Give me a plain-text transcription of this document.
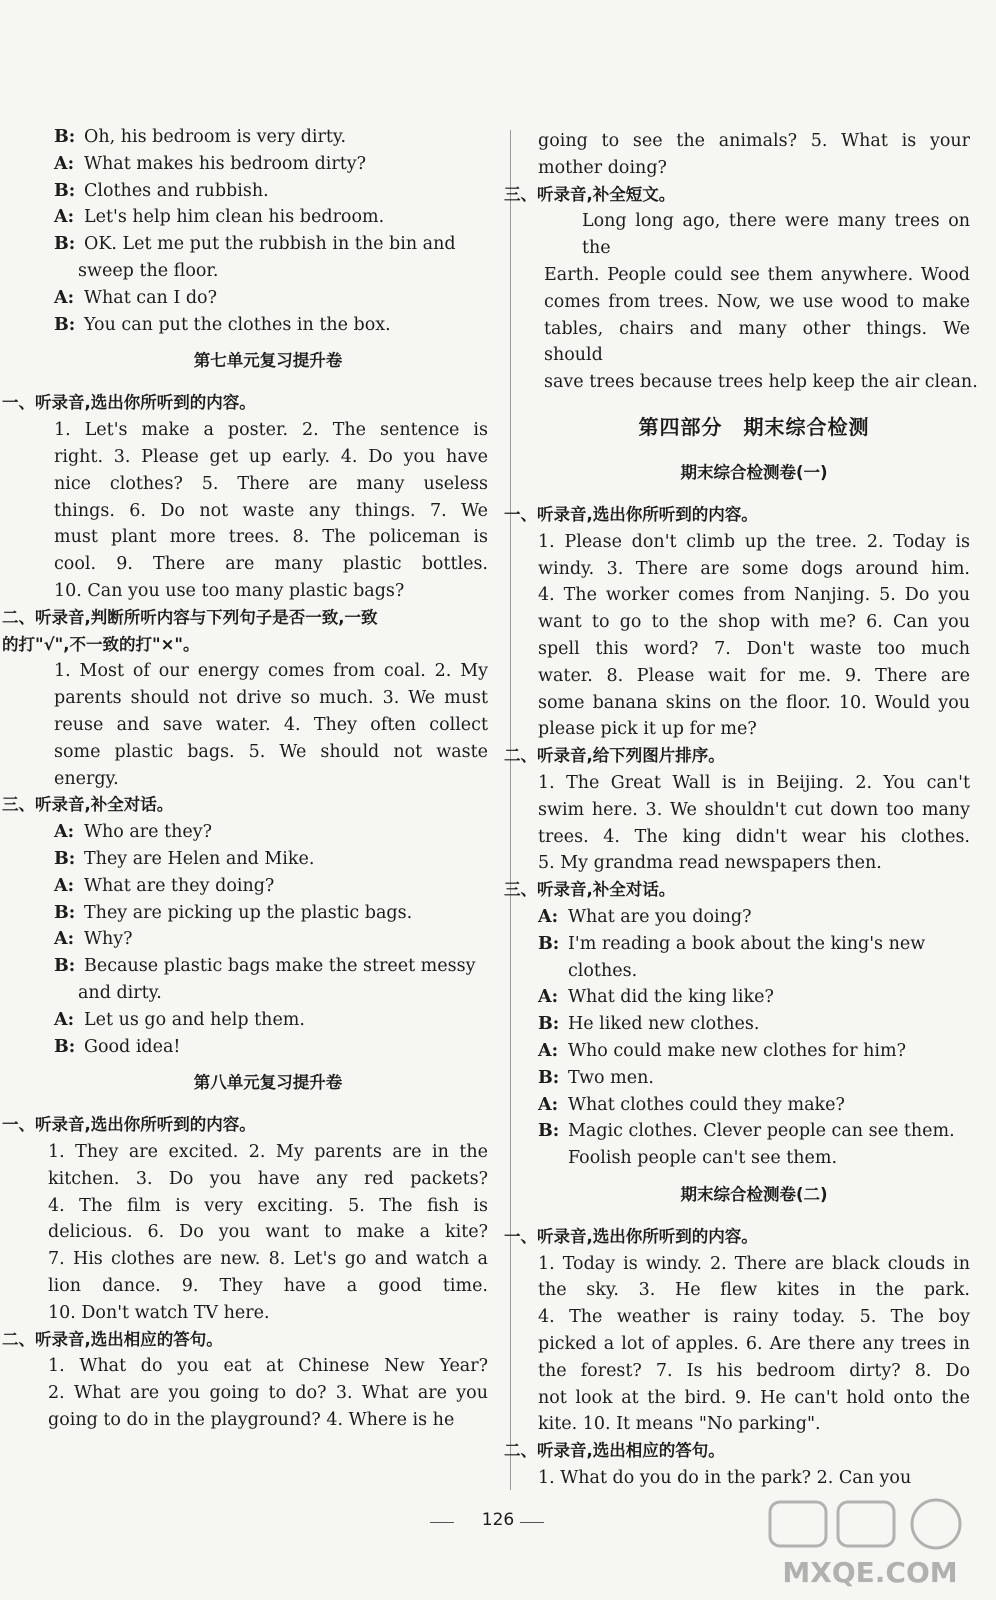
B: Oh, his bedroom is very dirty.

A: What makes his bedroom dirty?

B: Clothes and rubbish.

A: Let's help him clean his bedroom.

B: OK. Let me put the rubbish in the bin and

sweep the floor.

A: What can I do?

B: You can put the clothes in the box.

第七单元复习提升卷

一、听录音,选出你所听到的内容。

1. Let's make a poster. 2. The sentence is

right. 3. Please get up early. 4. Do you have

nice clothes? 5. There are many useless

things. 6. Do not waste any things. 7. We

must plant more trees. 8. The policeman is

cool. 9. There are many plastic bottles.

10. Can you use too many plastic bags?

二、听录音,判断所听内容与下列句子是否一致,一致

的打"√",不一致的打"×"。

1. Most of our energy comes from coal. 2. My

parents should not drive so much. 3. We must

reuse and save water. 4. They often collect

some plastic bags. 5. We should not waste

energy.

三、听录音,补全对话。

A: Who are they?

B: They are Helen and Mike.

A: What are they doing?

B: They are picking up the plastic bags.

A: Why?

B: Because plastic bags make the street messy

and dirty.

A: Let us go and help them.

B: Good idea!

第八单元复习提升卷

一、听录音,选出你所听到的内容。

1. They are excited. 2. My parents are in the

kitchen. 3. Do you have any red packets?

4. The film is very exciting. 5. The fish is

delicious. 6. Do you want to make a kite?

7. His clothes are new. 8. Let's go and watch a

lion dance. 9. They have a good time.

10. Don't watch TV here.

二、听录音,选出相应的答句。

1. What do you eat at Chinese New Year?

2. What are you going to do? 3. What are you

going to do in the playground? 4. Where is he

going to see the animals? 5. What is your

mother doing?

三、听录音,补全短文。

Long long ago, there were many trees on the

Earth. People could see them anywhere. Wood

comes from trees. Now, we use wood to make

tables, chairs and many other things. We should

save trees because trees help keep the air clean.

第四部分　期末综合检测
期末综合检测卷(一)

一、听录音,选出你所听到的内容。

1. Please don't climb up the tree. 2. Today is

windy. 3. There are some dogs around him.

4. The worker comes from Nanjing. 5. Do you

want to go to the shop with me? 6. Can you

spell this word? 7. Don't waste too much

water. 8. Please wait for me. 9. There are

some banana skins on the floor. 10. Would you

please pick it up for me?

二、听录音,给下列图片排序。

1. The Great Wall is in Beijing. 2. You can't

swim here. 3. We shouldn't cut down too many

trees. 4. The king didn't wear his clothes.

5. My grandma read newspapers then.

三、听录音,补全对话。

A: What are you doing?

B: I'm reading a book about the king's new

clothes.

A: What did the king like?

B: He liked new clothes.

A: Who could make new clothes for him?

B: Two men.

A: What clothes could they make?

B: Magic clothes. Clever people can see them.

Foolish people can't see them.

期末综合检测卷(二)

一、听录音,选出你所听到的内容。

1. Today is windy. 2. There are black clouds in

the sky. 3. He flew kites in the park.

4. The weather is rainy today. 5. The boy

picked a lot of apples. 6. Are there any trees in

the forest? 7. Is his bedroom dirty? 8. Do

not look at the bird. 9. He can't hold onto the

kite. 10. It means "No parking".

二、听录音,选出相应的答句。

1. What do you do in the park? 2. Can you

126
MXQE.COM
